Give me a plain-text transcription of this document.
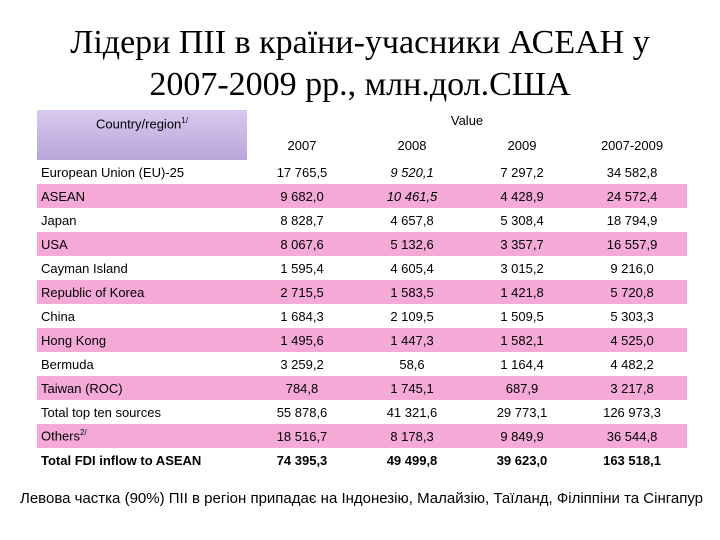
Лідери ПІІ в країни-учасники АСЕАН у
2007-2009 рр., млн.дол.США
Country/region$^{1/}$	Value			
	2007	2008	2009	2007-2009
European Union (EU)-25	17 765,5	9 520,1	7 297,2	34 582,8
ASEAN	9 682,0	10 461,5	4 428,9	24 572,4
Japan	8 828,7	4 657,8	5 308,4	18 794,9
USA	8 067,6	5 132,6	3 357,7	16 557,9
Cayman Island	1 595,4	4 605,4	3 015,2	9 216,0
Republic of Korea	2 715,5	1 583,5	1 421,8	5 720,8
China	1 684,3	2 109,5	1 509,5	5 303,3
Hong Kong	1 495,6	1 447,3	1 582,1	4 525,0
Bermuda	3 259,2	58,6	1 164,4	4 482,2
Taiwan (ROC)	784,8	1 745,1	687,9	3 217,8
Total top ten sources	55 878,6	41 321,6	29 773,1	126 973,3
Others$^{2/}$	18 516,7	8 178,3	9 849,9	36 544,8
Total FDI inflow to ASEAN	74 395,3	49 499,8	39 623,0	163 518,1
Левова частка (90%) ПІІ в регіон припадає на Індонезію, Малайзію, Таїланд, Філіппіни та Сінгапур
